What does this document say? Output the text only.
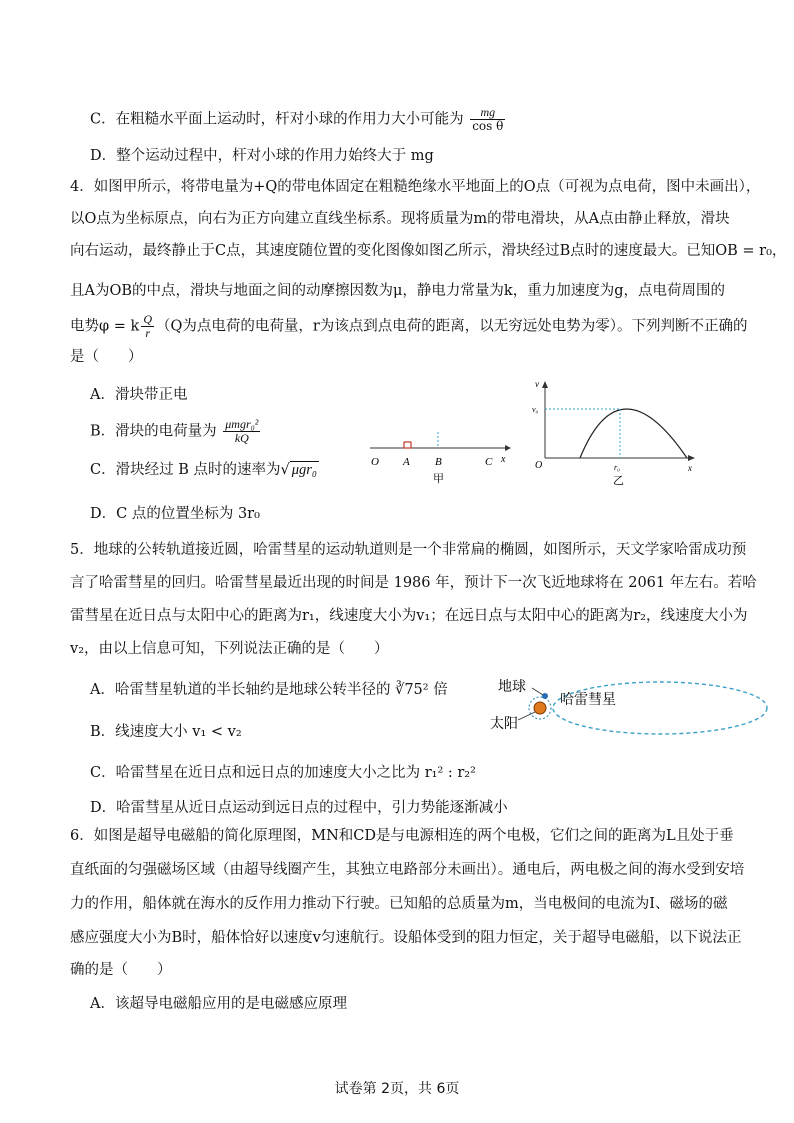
C．在粗糙水平面上运动时，杆对小球的作用力大小可能为 $\frac{mg}{\text{cos θ}}$
D．整个运动过程中，杆对小球的作用力始终大于 mg
4．如图甲所示，将带电量为+Q的带电体固定在粗糙绝缘水平地面上的O点（可视为点电荷，图中未画出），
以O点为坐标原点，向右为正方向建立直线坐标系。现将质量为m的带电滑块，从A点由静止释放，滑块
向右运动，最终静止于C点，其速度随位置的变化图像如图乙所示，滑块经过B点时的速度最大。已知OB = r₀，
且A为OB的中点，滑块与地面之间的动摩擦因数为μ，静电力常量为k，重力加速度为g，点电荷周围的
电势φ = k $\frac{Q}{r} (Q$为点电荷的电荷量，r为该点到点电荷的距离，以无穷远处电势为零）。下列判断不正确的
是（　　）
A．滑块带正电
B．滑块的电荷量为 $\frac{\text{μmgr₀²}}{kQ}$
C．滑块经过 B 点时的速率为√ μgr₀
D．C 点的位置坐标为 3r₀
O A B	C x
甲
v
v₀
O	r₀	x
乙
5．地球的公转轨道接近圆，哈雷彗星的运动轨道则是一个非常扁的椭圆，如图所示，天文学家哈雷成功预
言了哈雷彗星的回归。哈雷彗星最近出现的时间是 1986 年，预计下一次飞近地球将在 2061 年左右。若哈
雷彗星在近日点与太阳中心的距离为r₁，线速度大小为v₁；在远日点与太阳中心的距离为r₂，线速度大小为
v₂，由以上信息可知，下列说法正确的是（　　）
A．哈雷彗星轨道的半长轴约是地球公转半径的 ∛75² 倍
B．线速度大小 v₁ < v₂
C．哈雷彗星在近日点和远日点的加速度大小之比为 r₁² : r₂²
D．哈雷彗星从近日点运动到远日点的过程中，引力势能逐渐减小
地球
哈雷彗星
太阳
6．如图是超导电磁船的简化原理图，MN和CD是与电源相连的两个电极，它们之间的距离为L且处于垂
直纸面的匀强磁场区域（由超导线圈产生，其独立电路部分未画出）。通电后，两电极之间的海水受到安培
力的作用，船体就在海水的反作用力推动下行驶。已知船的总质量为m，当电极间的电流为I、磁场的磁
感应强度大小为B时，船体恰好以速度v匀速航行。设船体受到的阻力恒定，关于超导电磁船，以下说法正
确的是（　　）
A．该超导电磁船应用的是电磁感应原理
试卷第 2页，共 6页
